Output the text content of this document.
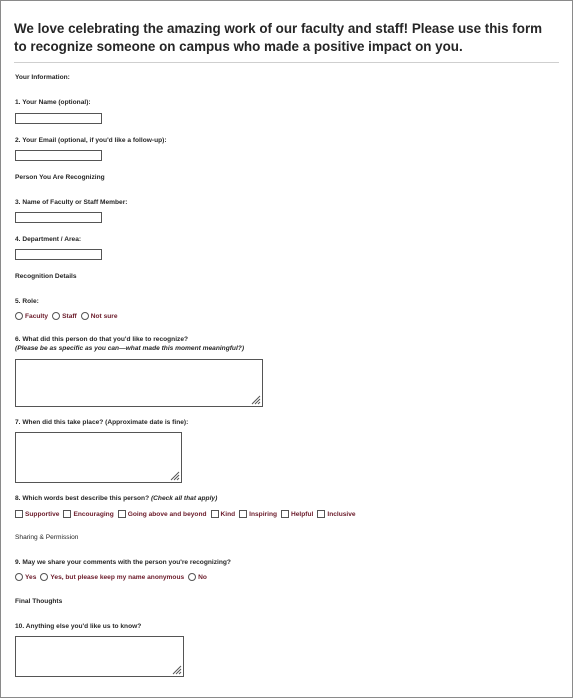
We love celebrating the amazing work of our faculty and staff! Please use this form to recognize someone on campus who made a positive impact on you.
Your Information:
1. Your Name (optional):
2. Your Email (optional, if you'd like a follow-up):
Person You Are Recognizing
3. Name of Faculty or Staff Member:
4. Department / Area:
Recognition Details
5. Role:
Faculty Staff Not sure
6. What did this person do that you'd like to recognize?
(Please be as specific as you can—what made this moment meaningful?)
7. When did this take place? (Approximate date is fine):
8. Which words best describe this person? (Check all that apply)
Supportive Encouraging Going above and beyond Kind Inspiring Helpful Inclusive
Sharing & Permission
9. May we share your comments with the person you're recognizing?
Yes Yes, but please keep my name anonymous No
Final Thoughts
10. Anything else you'd like us to know?
